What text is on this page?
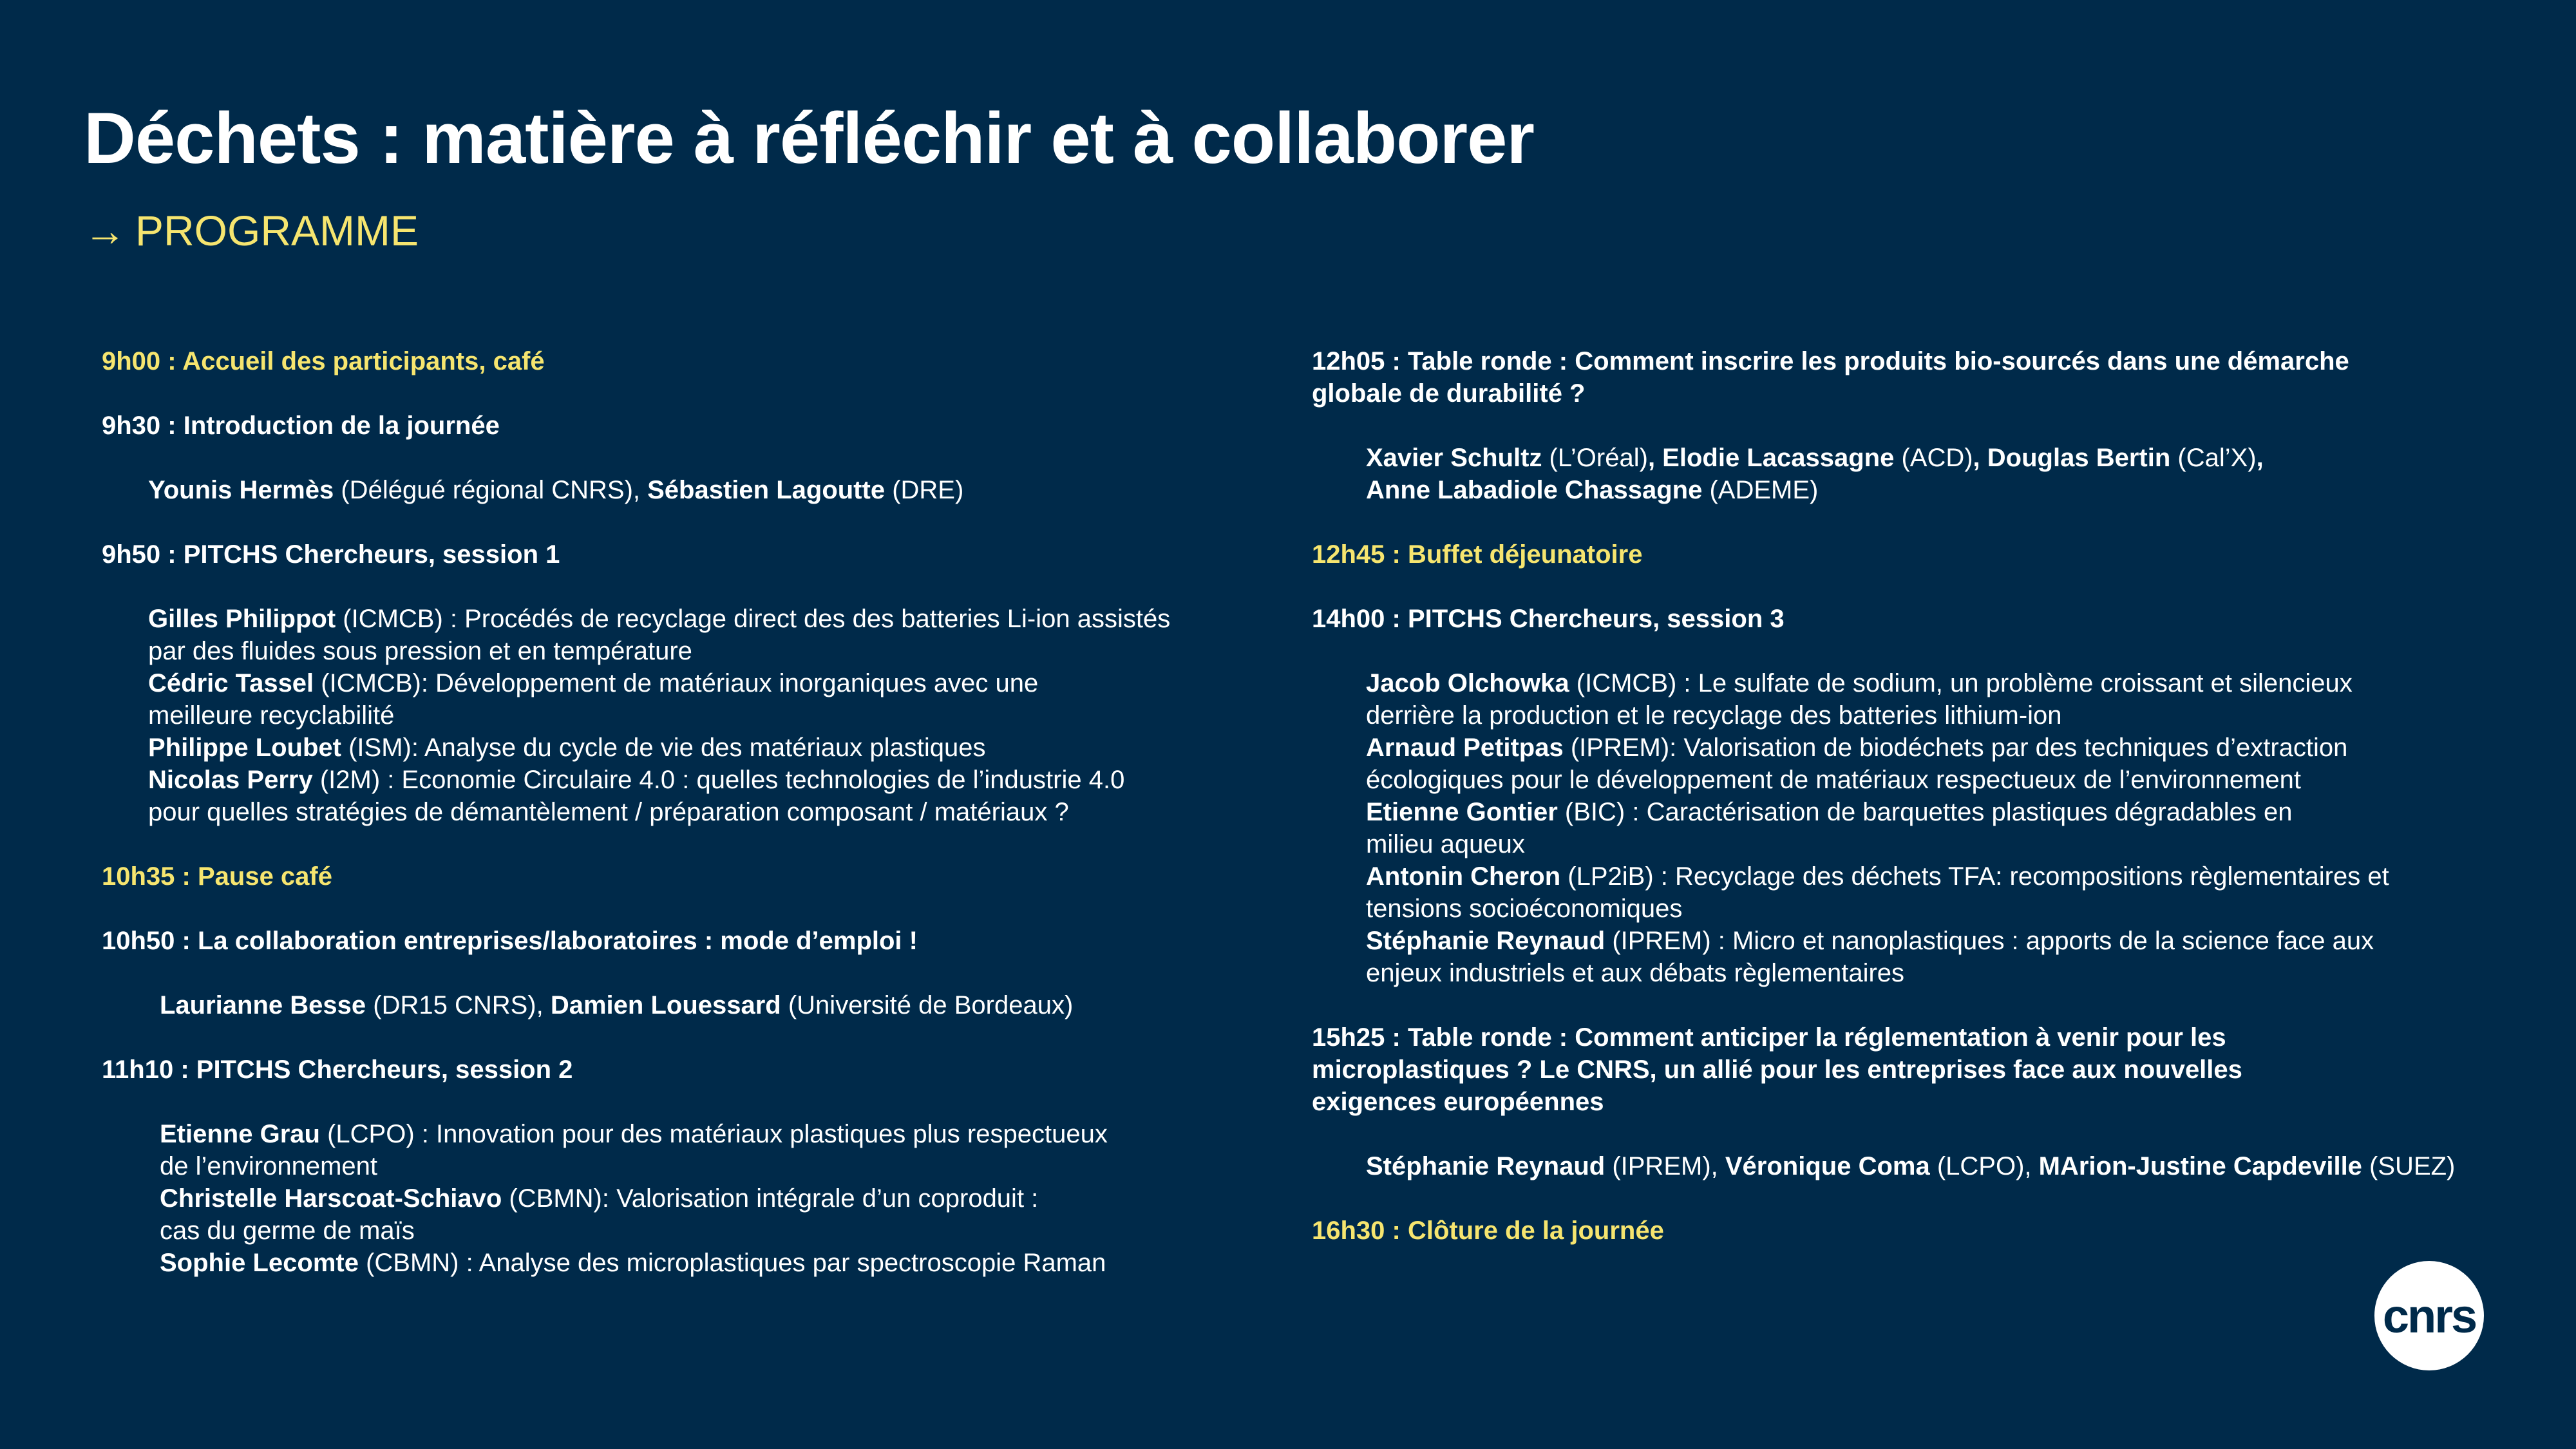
Déchets : matière à réfléchir et à collaborer
→ PROGRAMME
9h00 : Accueil des participants, café
9h30 : Introduction de la journée
Younis Hermès (Délégué régional CNRS), Sébastien Lagoutte (DRE)
9h50 : PITCHS Chercheurs, session 1
Gilles Philippot (ICMCB) : Procédés de recyclage direct des des batteries Li-ion assistés
par des fluides sous pression et en température
Cédric Tassel (ICMCB): Développement de matériaux inorganiques avec une
meilleure recyclabilité
Philippe Loubet (ISM): Analyse du cycle de vie des matériaux plastiques
Nicolas Perry (I2M) : Economie Circulaire 4.0 : quelles technologies de l’industrie 4.0
pour quelles stratégies de démantèlement / préparation composant / matériaux ?
10h35 : Pause café
10h50 : La collaboration entreprises/laboratoires : mode d’emploi !
Laurianne Besse (DR15 CNRS), Damien Louessard (Université de Bordeaux)
11h10 : PITCHS Chercheurs, session 2
Etienne Grau (LCPO) : Innovation pour des matériaux plastiques plus respectueux
de l’environnement
Christelle Harscoat-Schiavo (CBMN): Valorisation intégrale d’un coproduit :
cas du germe de maïs
Sophie Lecomte (CBMN) : Analyse des microplastiques par spectroscopie Raman
12h05 : Table ronde : Comment inscrire les produits bio-sourcés dans une démarche
globale de durabilité ?
Xavier Schultz (L’Oréal), Elodie Lacassagne (ACD), Douglas Bertin (Cal’X),
Anne Labadiole Chassagne (ADEME)
12h45 : Buffet déjeunatoire
14h00 : PITCHS Chercheurs, session 3
Jacob Olchowka (ICMCB) : Le sulfate de sodium, un problème croissant et silencieux
derrière la production et le recyclage des batteries lithium-ion
Arnaud Petitpas (IPREM): Valorisation de biodéchets par des techniques d’extraction
écologiques pour le développement de matériaux respectueux de l’environnement
Etienne Gontier (BIC) : Caractérisation de barquettes plastiques dégradables en
milieu aqueux
Antonin Cheron (LP2iB) : Recyclage des déchets TFA: recompositions règlementaires et
tensions socioéconomiques
Stéphanie Reynaud (IPREM) : Micro et nanoplastiques : apports de la science face aux
enjeux industriels et aux débats règlementaires
15h25 : Table ronde : Comment anticiper la réglementation à venir pour les
microplastiques ? Le CNRS, un allié pour les entreprises face aux nouvelles
exigences européennes
Stéphanie Reynaud (IPREM), Véronique Coma (LCPO), MArion-Justine Capdeville (SUEZ)
16h30 : Clôture de la journée
cnrs
